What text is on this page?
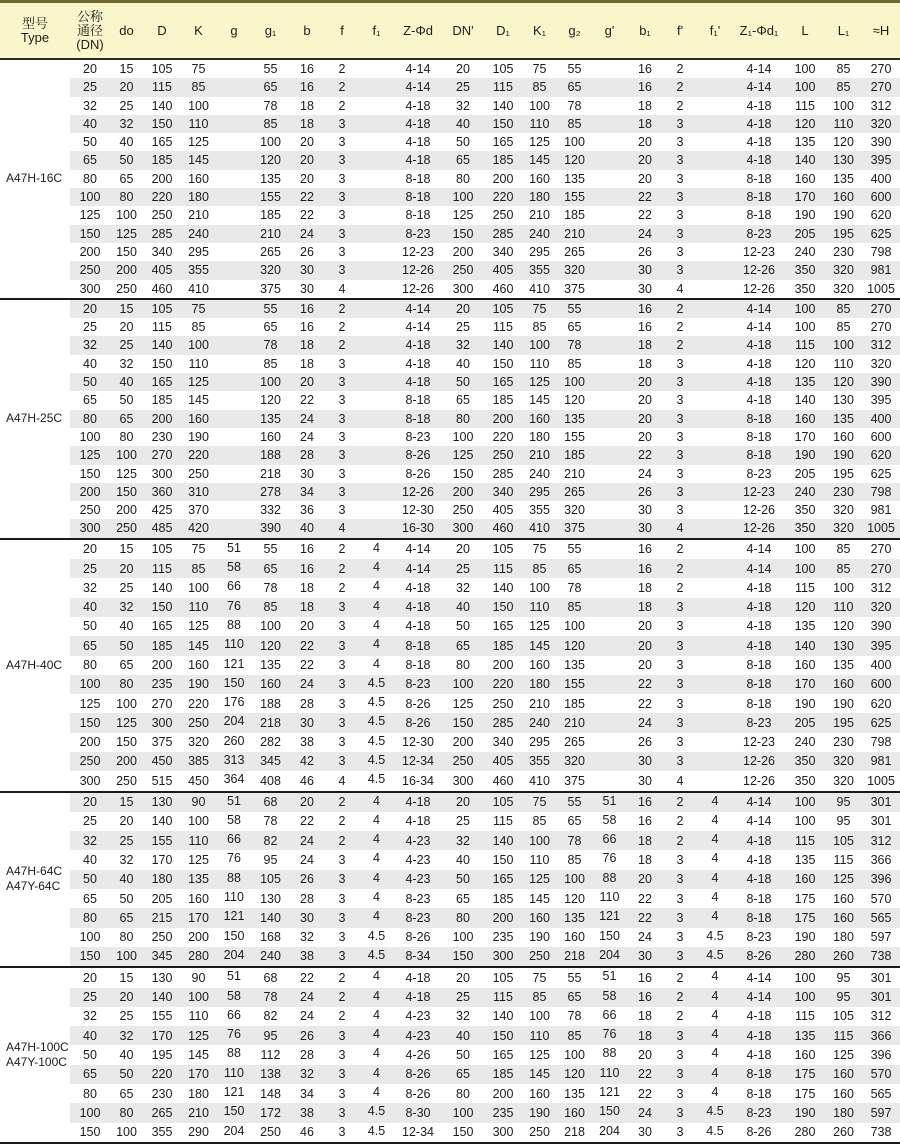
型号
Type

公称
通径
(DN)

do	D	K	g	g₁	b	f	f₁	Z-Φd	DN'	D₁	K₁	g₂	g'	b₁	f'	f₁'	Z₁-Φd₁	L	L₁	≈H

A47H-16C	20	15	105	75		55	16	2		4-14	20	105	75	55		16	2		4-14	100	85	270
	25	20	115	85		65	16	2		4-14	25	115	85	65		16	2		4-14	100	85	270
	32	25	140	100		78	18	2		4-18	32	140	100	78		18	2		4-18	115	100	312
	40	32	150	110		85	18	3		4-18	40	150	110	85		18	3		4-18	120	110	320
	50	40	165	125		100	20	3		4-18	50	165	125	100		20	3		4-18	135	120	390
	65	50	185	145		120	20	3		4-18	65	185	145	120		20	3		4-18	140	130	395
	80	65	200	160		135	20	3		8-18	80	200	160	135		20	3		8-18	160	135	400
	100	80	220	180		155	22	3		8-18	100	220	180	155		22	3		8-18	170	160	600
	125	100	250	210		185	22	3		8-18	125	250	210	185		22	3		8-18	190	190	620
	150	125	285	240		210	24	3		8-23	150	285	240	210		24	3		8-23	205	195	625
	200	150	340	295		265	26	3		12-23	200	340	295	265		26	3		12-23	240	230	798
	250	200	405	355		320	30	3		12-26	250	405	355	320		30	3		12-26	350	320	981
	300	250	460	410		375	30	4		12-26	300	460	410	375		30	4		12-26	350	320	1005

A47H-25C	20	15	105	75		55	16	2		4-14	20	105	75	55		16	2		4-14	100	85	270
	25	20	115	85		65	16	2		4-14	25	115	85	65		16	2		4-14	100	85	270
	32	25	140	100		78	18	2		4-18	32	140	100	78		18	2		4-18	115	100	312
	40	32	150	110		85	18	3		4-18	40	150	110	85		18	3		4-18	120	110	320
	50	40	165	125		100	20	3		4-18	50	165	125	100		20	3		4-18	135	120	390
	65	50	185	145		120	22	3		8-18	65	185	145	120		20	3		4-18	140	130	395
	80	65	200	160		135	24	3		8-18	80	200	160	135		20	3		8-18	160	135	400
	100	80	230	190		160	24	3		8-23	100	220	180	155		20	3		8-18	170	160	600
	125	100	270	220		188	28	3		8-26	125	250	210	185		22	3		8-18	190	190	620
	150	125	300	250		218	30	3		8-26	150	285	240	210		24	3		8-23	205	195	625
	200	150	360	310		278	34	3		12-26	200	340	295	265		26	3		12-23	240	230	798
	250	200	425	370		332	36	3		12-30	250	405	355	320		30	3		12-26	350	320	981
	300	250	485	420		390	40	4		16-30	300	460	410	375		30	4		12-26	350	320	1005

A47H-40C	20	15	105	75	51	55	16	2	4	4-14	20	105	75	55		16	2		4-14	100	85	270
	25	20	115	85	58	65	16	2	4	4-14	25	115	85	65		16	2		4-14	100	85	270
	32	25	140	100	66	78	18	2	4	4-18	32	140	100	78		18	2		4-18	115	100	312
	40	32	150	110	76	85	18	3	4	4-18	40	150	110	85		18	3		4-18	120	110	320
	50	40	165	125	88	100	20	3	4	4-18	50	165	125	100		20	3		4-18	135	120	390
	65	50	185	145	110	120	22	3	4	8-18	65	185	145	120		20	3		4-18	140	130	395
	80	65	200	160	121	135	22	3	4	8-18	80	200	160	135		20	3		8-18	160	135	400
	100	80	235	190	150	160	24	3	4.5	8-23	100	220	180	155		22	3		8-18	170	160	600
	125	100	270	220	176	188	28	3	4.5	8-26	125	250	210	185		22	3		8-18	190	190	620
	150	125	300	250	204	218	30	3	4.5	8-26	150	285	240	210		24	3		8-23	205	195	625
	200	150	375	320	260	282	38	3	4.5	12-30	200	340	295	265		26	3		12-23	240	230	798
	250	200	450	385	313	345	42	3	4.5	12-34	250	405	355	320		30	3		12-26	350	320	981
	300	250	515	450	364	408	46	4	4.5	16-34	300	460	410	375		30	4		12-26	350	320	1005

A47H-64C
A47Y-64C	20	15	130	90	51	68	20	2	4	4-18	20	105	75	55	51	16	2	4	4-14	100	95	301
	25	20	140	100	58	78	22	2	4	4-18	25	115	85	65	58	16	2	4	4-14	100	95	301
	32	25	155	110	66	82	24	2	4	4-23	32	140	100	78	66	18	2	4	4-18	115	105	312
	40	32	170	125	76	95	24	3	4	4-23	40	150	110	85	76	18	3	4	4-18	135	115	366
	50	40	180	135	88	105	26	3	4	4-23	50	165	125	100	88	20	3	4	4-18	160	125	396
	65	50	205	160	110	130	28	3	4	8-23	65	185	145	120	110	22	3	4	8-18	175	160	570
	80	65	215	170	121	140	30	3	4	8-23	80	200	160	135	121	22	3	4	8-18	175	160	565
	100	80	250	200	150	168	32	3	4.5	8-26	100	235	190	160	150	24	3	4.5	8-23	190	180	597
	150	100	345	280	204	240	38	3	4.5	8-34	150	300	250	218	204	30	3	4.5	8-26	280	260	738

A47H-100C
A47Y-100C	20	15	130	90	51	68	22	2	4	4-18	20	105	75	55	51	16	2	4	4-14	100	95	301
	25	20	140	100	58	78	24	2	4	4-18	25	115	85	65	58	16	2	4	4-14	100	95	301
	32	25	155	110	66	82	24	2	4	4-23	32	140	100	78	66	18	2	4	4-18	115	105	312
	40	32	170	125	76	95	26	3	4	4-23	40	150	110	85	76	18	3	4	4-18	135	115	366
	50	40	195	145	88	112	28	3	4	4-26	50	165	125	100	88	20	3	4	4-18	160	125	396
	65	50	220	170	110	138	32	3	4	8-26	65	185	145	120	110	22	3	4	8-18	175	160	570
	80	65	230	180	121	148	34	3	4	8-26	80	200	160	135	121	22	3	4	8-18	175	160	565
	100	80	265	210	150	172	38	3	4.5	8-30	100	235	190	160	150	24	3	4.5	8-23	190	180	597
	150	100	355	290	204	250	46	3	4.5	12-34	150	300	250	218	204	30	3	4.5	8-26	280	260	738
